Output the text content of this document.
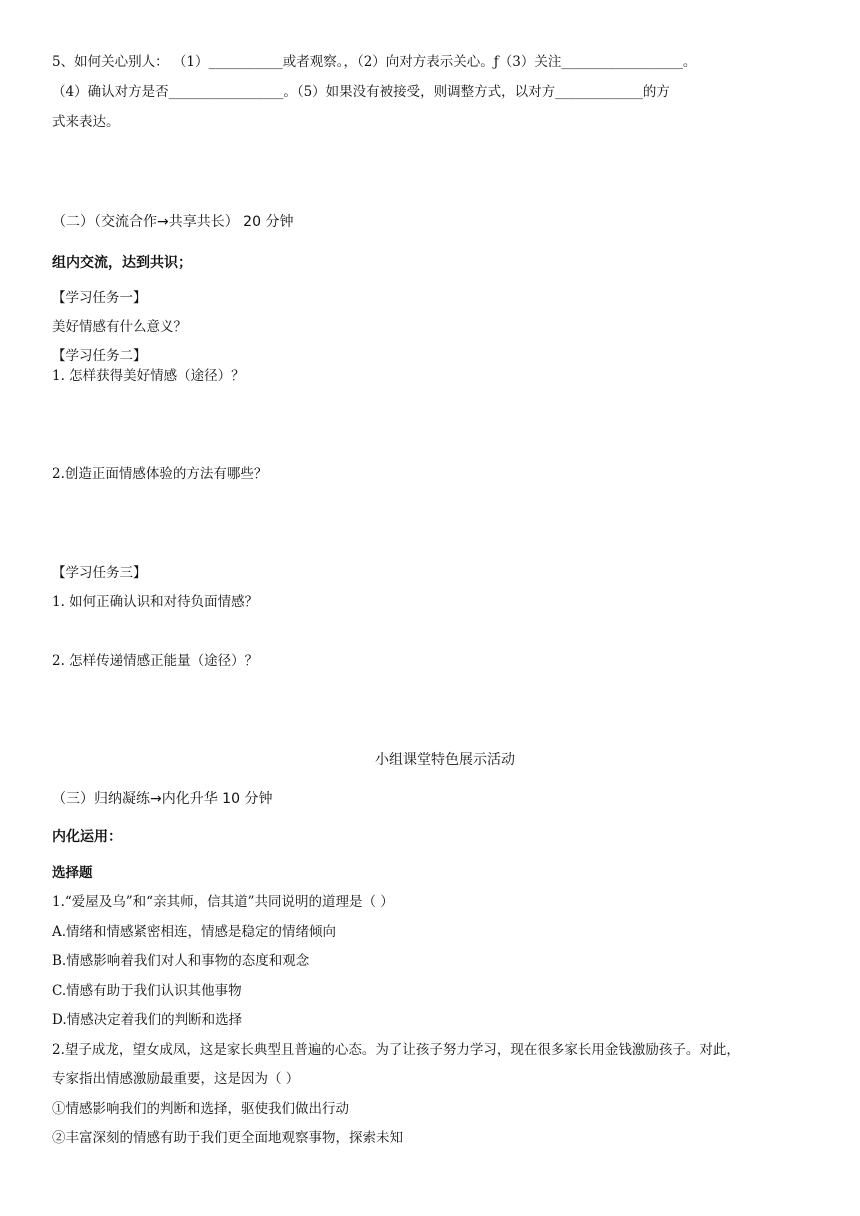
5、如何关心别人： （1）___________或者观察。，（2）向对方表示关心。ƒ（3）关注__________________。
（4）确认对方是否_________________。（5）如果没有被接受，则调整方式，以对方_____________的方
式来表达。
（二）（交流合作→共享共长） 20 分钟
组内交流，达到共识；
【学习任务一】
美好情感有什么意义？
【学习任务二】
1. 怎样获得美好情感（途径）？
2.创造正面情感体验的方法有哪些？
【学习任务三】
1. 如何正确认识和对待负面情感？
2. 怎样传递情感正能量（途径）？
小组课堂特色展示活动
（三）归纳凝练→内化升华 10 分钟
内化运用：
选择题
1.“爱屋及乌”和“亲其师，信其道”共同说明的道理是（ ）
A.情绪和情感紧密相连，情感是稳定的情绪倾向
B.情感影响着我们对人和事物的态度和观念
C.情感有助于我们认识其他事物
D.情感决定着我们的判断和选择
2.望子成龙，望女成凤，这是家长典型且普遍的心态。为了让孩子努力学习，现在很多家长用金钱激励孩子。对此，
专家指出情感激励最重要，这是因为（ ）
①情感影响我们的判断和选择，驱使我们做出行动
②丰富深刻的情感有助于我们更全面地观察事物，探索未知
